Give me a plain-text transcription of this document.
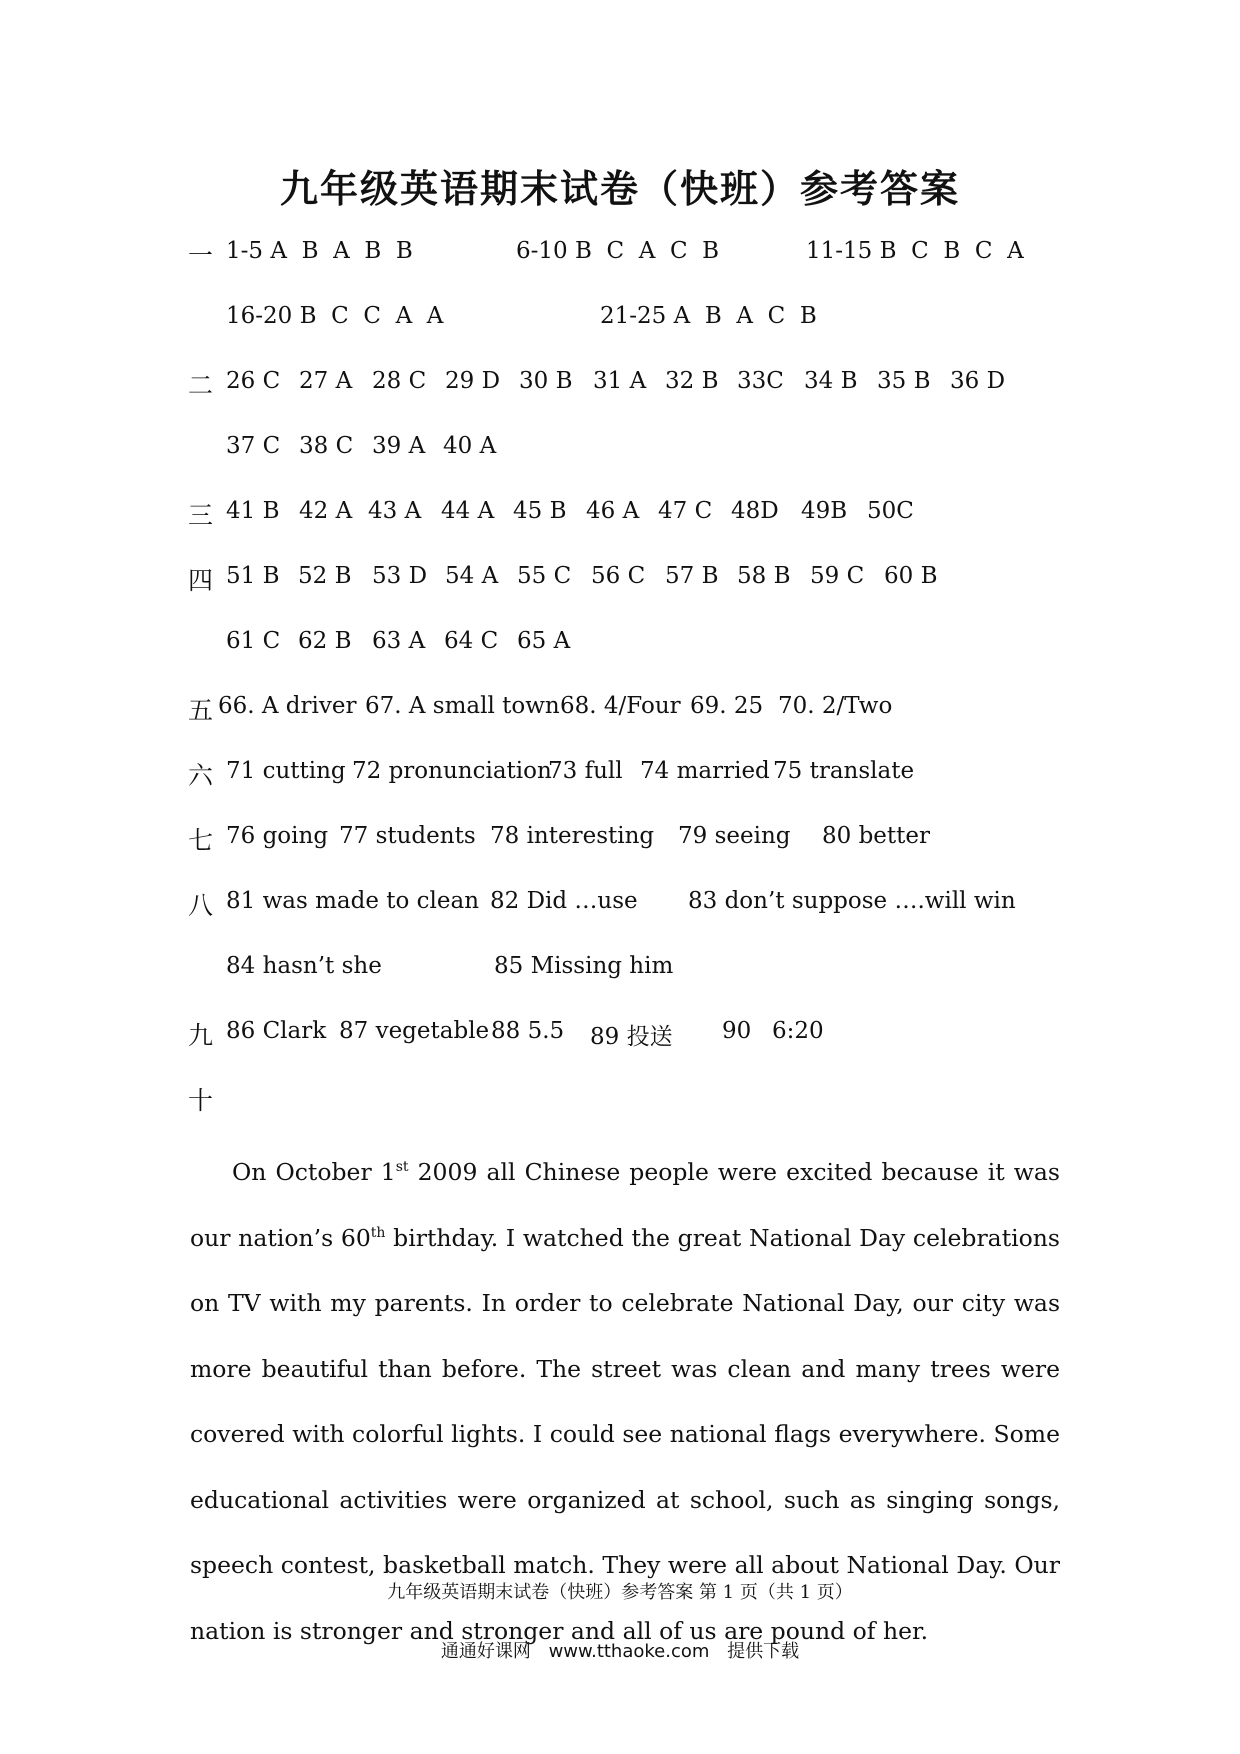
九年级英语期末试卷（快班）参考答案
一 1-5 A  B  A  B  B	6-10 B  C  A  C  B	11-15 B  C  B  C  A
16-20 B  C  C  A  A	21-25 A  B  A  C  B
二 26 C 27 A 28 C 29 D 30 B 31 A 32 B 33C 34 B 35 B 36 D
37 C 38 C 39 A 40 A
三 41 B 42 A 43 A 44 A 45 B 46 A 47 C 48D 49B 50C
四 51 B 52 B 53 D 54 A 55 C 56 C 57 B 58 B 59 C 60 B
61 C 62 B 63 A 64 C 65 A
五 66. A driver 67. A small town 68. 4/Four 69. 25 70. 2/Two
六 71 cutting 72 pronunciation
73 full 74 married 75 translate
七 76 going 77 students 78 interesting 79 seeing 80 better
八 81 was made to clean 82 Did …use 83 don’t suppose ….will win
84 hasn’t she	85 Missing him
九 86 Clark 87 vegetable 88 5.5 89 投送 90 6:20
十
On October 1st 2009 all Chinese people were excited because it was our nation’s 60th birthday. I watched the great National Day celebrations on TV with my parents. In order to celebrate National Day, our city was more beautiful than before. The street was clean and many trees were covered with colorful lights. I could see national flags everywhere. Some educational activities were organized at school, such as singing songs, speech contest, basketball match. They were all about National Day. Our nation is stronger and stronger and all of us are pound of her.
九年级英语期末试卷（快班）参考答案 第 1 页（共 1 页）
通通好课网 www.tthaoke.com 提供下载
